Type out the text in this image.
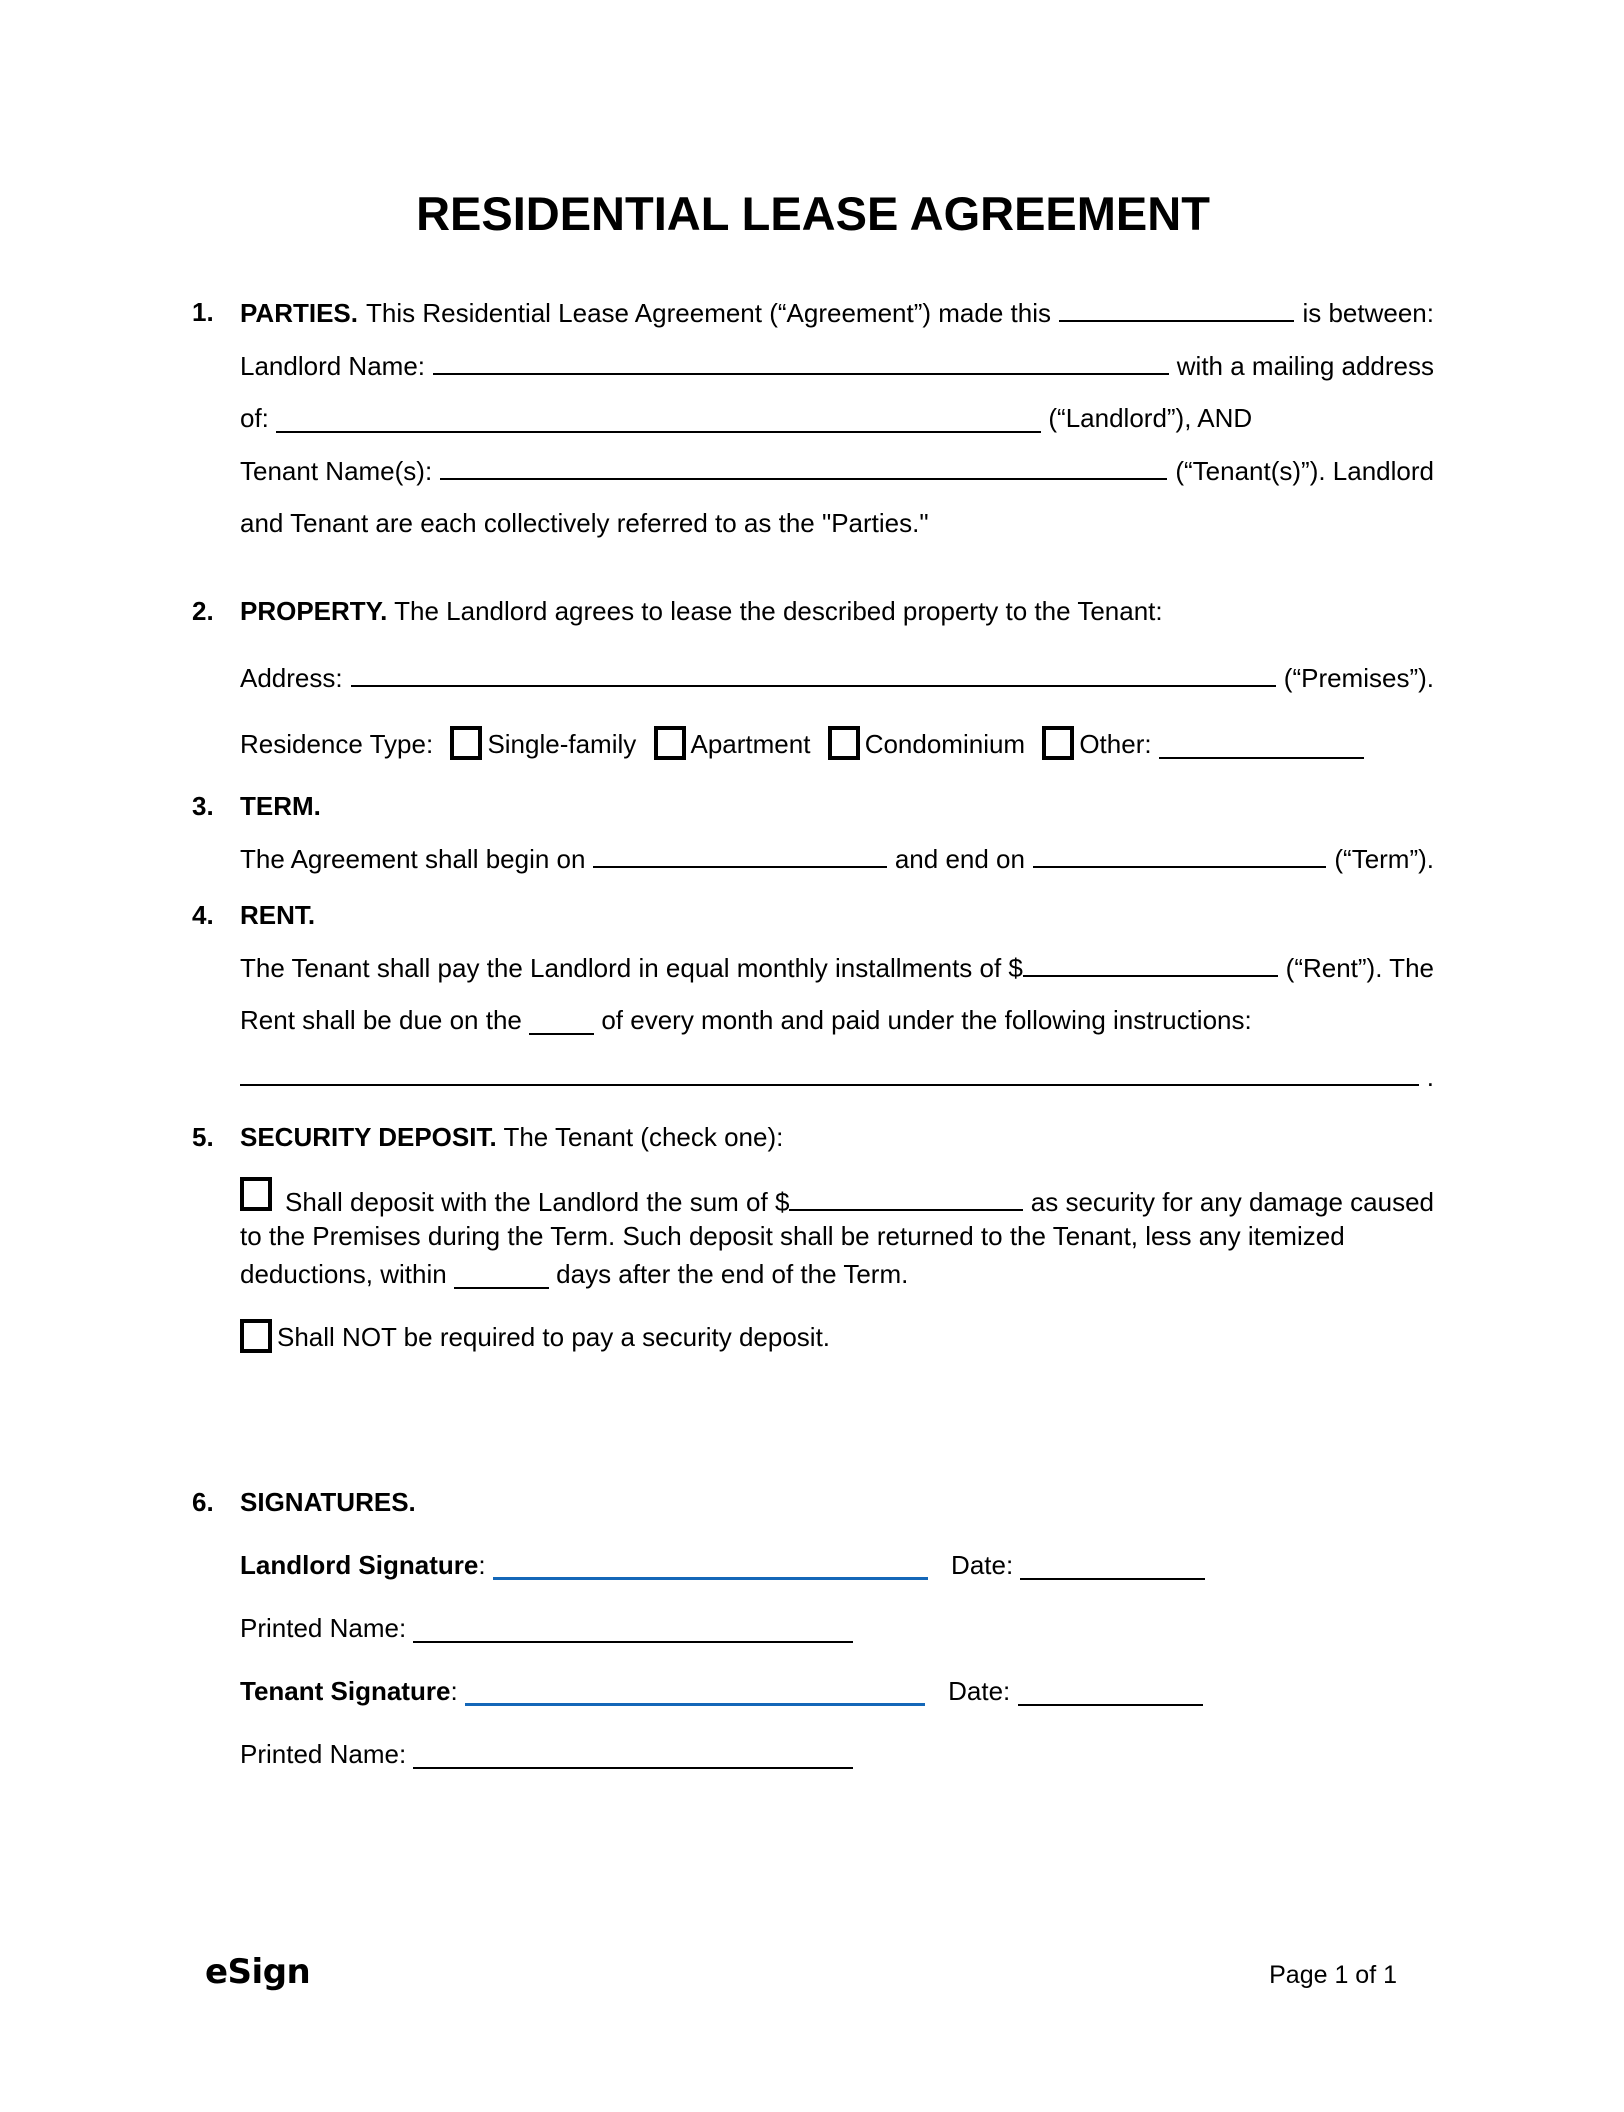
RESIDENTIAL LEASE AGREEMENT
1.	PARTIES. This Residential Lease Agreement (“Agreement”) made this	is between:
Landlord Name:	with a mailing address
of:	(“Landlord”), AND
Tenant Name(s):	(“Tenant(s)”). Landlord
and Tenant are each collectively referred to as the "Parties."
2.	PROPERTY. The Landlord agrees to lease the described property to the Tenant:
Address:	(“Premises”).
Residence Type: Single-family Apartment Condominium Other:
3.	TERM.
The Agreement shall begin on	and end on	(“Term”).
4.	RENT.
The Tenant shall pay the Landlord in equal monthly installments of $	(“Rent”). The
Rent shall be due on the	of every month and paid under the following instructions:
.
5.	SECURITY DEPOSIT. The Tenant (check one):
Shall deposit with the Landlord the sum of $	as security for any damage caused
to the Premises during the Term. Such deposit shall be returned to the Tenant, less any itemized
deductions, within	days after the end of the Term.
Shall NOT be required to pay a security deposit.
6.	SIGNATURES.
Landlord Signature:	Date:
Printed Name:
Tenant Signature:	Date:
Printed Name:
eSign	Page 1 of 1
